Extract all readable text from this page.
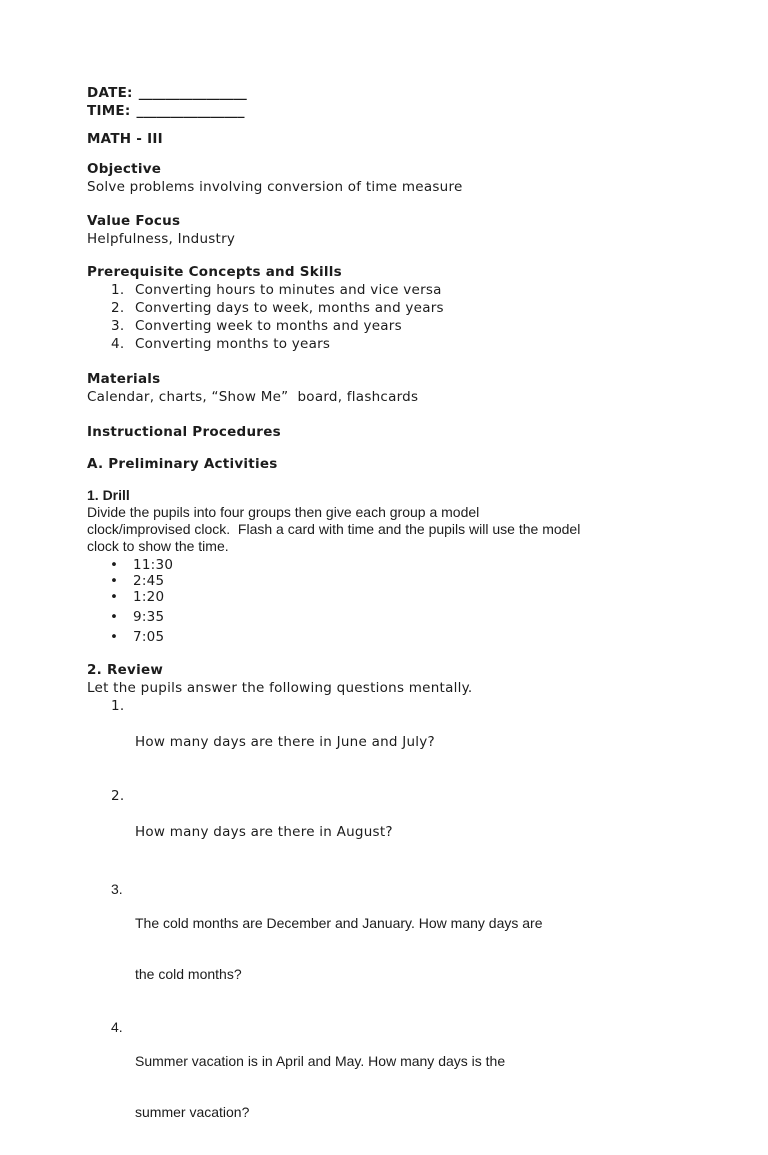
DATE: ________________
TIME: ________________
MATH - III
Objective
Solve problems involving conversion of time measure
Value Focus
Helpfulness, Industry
Prerequisite Concepts and Skills
1. Converting hours to minutes and vice versa
2. Converting days to week, months and years
3. Converting week to months and years
4. Converting months to years
Materials
Calendar, charts, “Show Me”  board, flashcards
Instructional Procedures
A. Preliminary Activities
1. Drill
Divide the pupils into four groups then give each group a model
clock/improvised clock.  Flash a card with time and the pupils will use the model
clock to show the time.
•	11:30
•	2:45
•	1:20
•	9:35
•	7:05
2. Review
Let the pupils answer the following questions mentally.
1.

How many days are there in June and July?

2.

How many days are there in August?

3.

The cold months are December and January. How many days are

the cold months?

4.

Summer vacation is in April and May. How many days is the

summer vacation?
